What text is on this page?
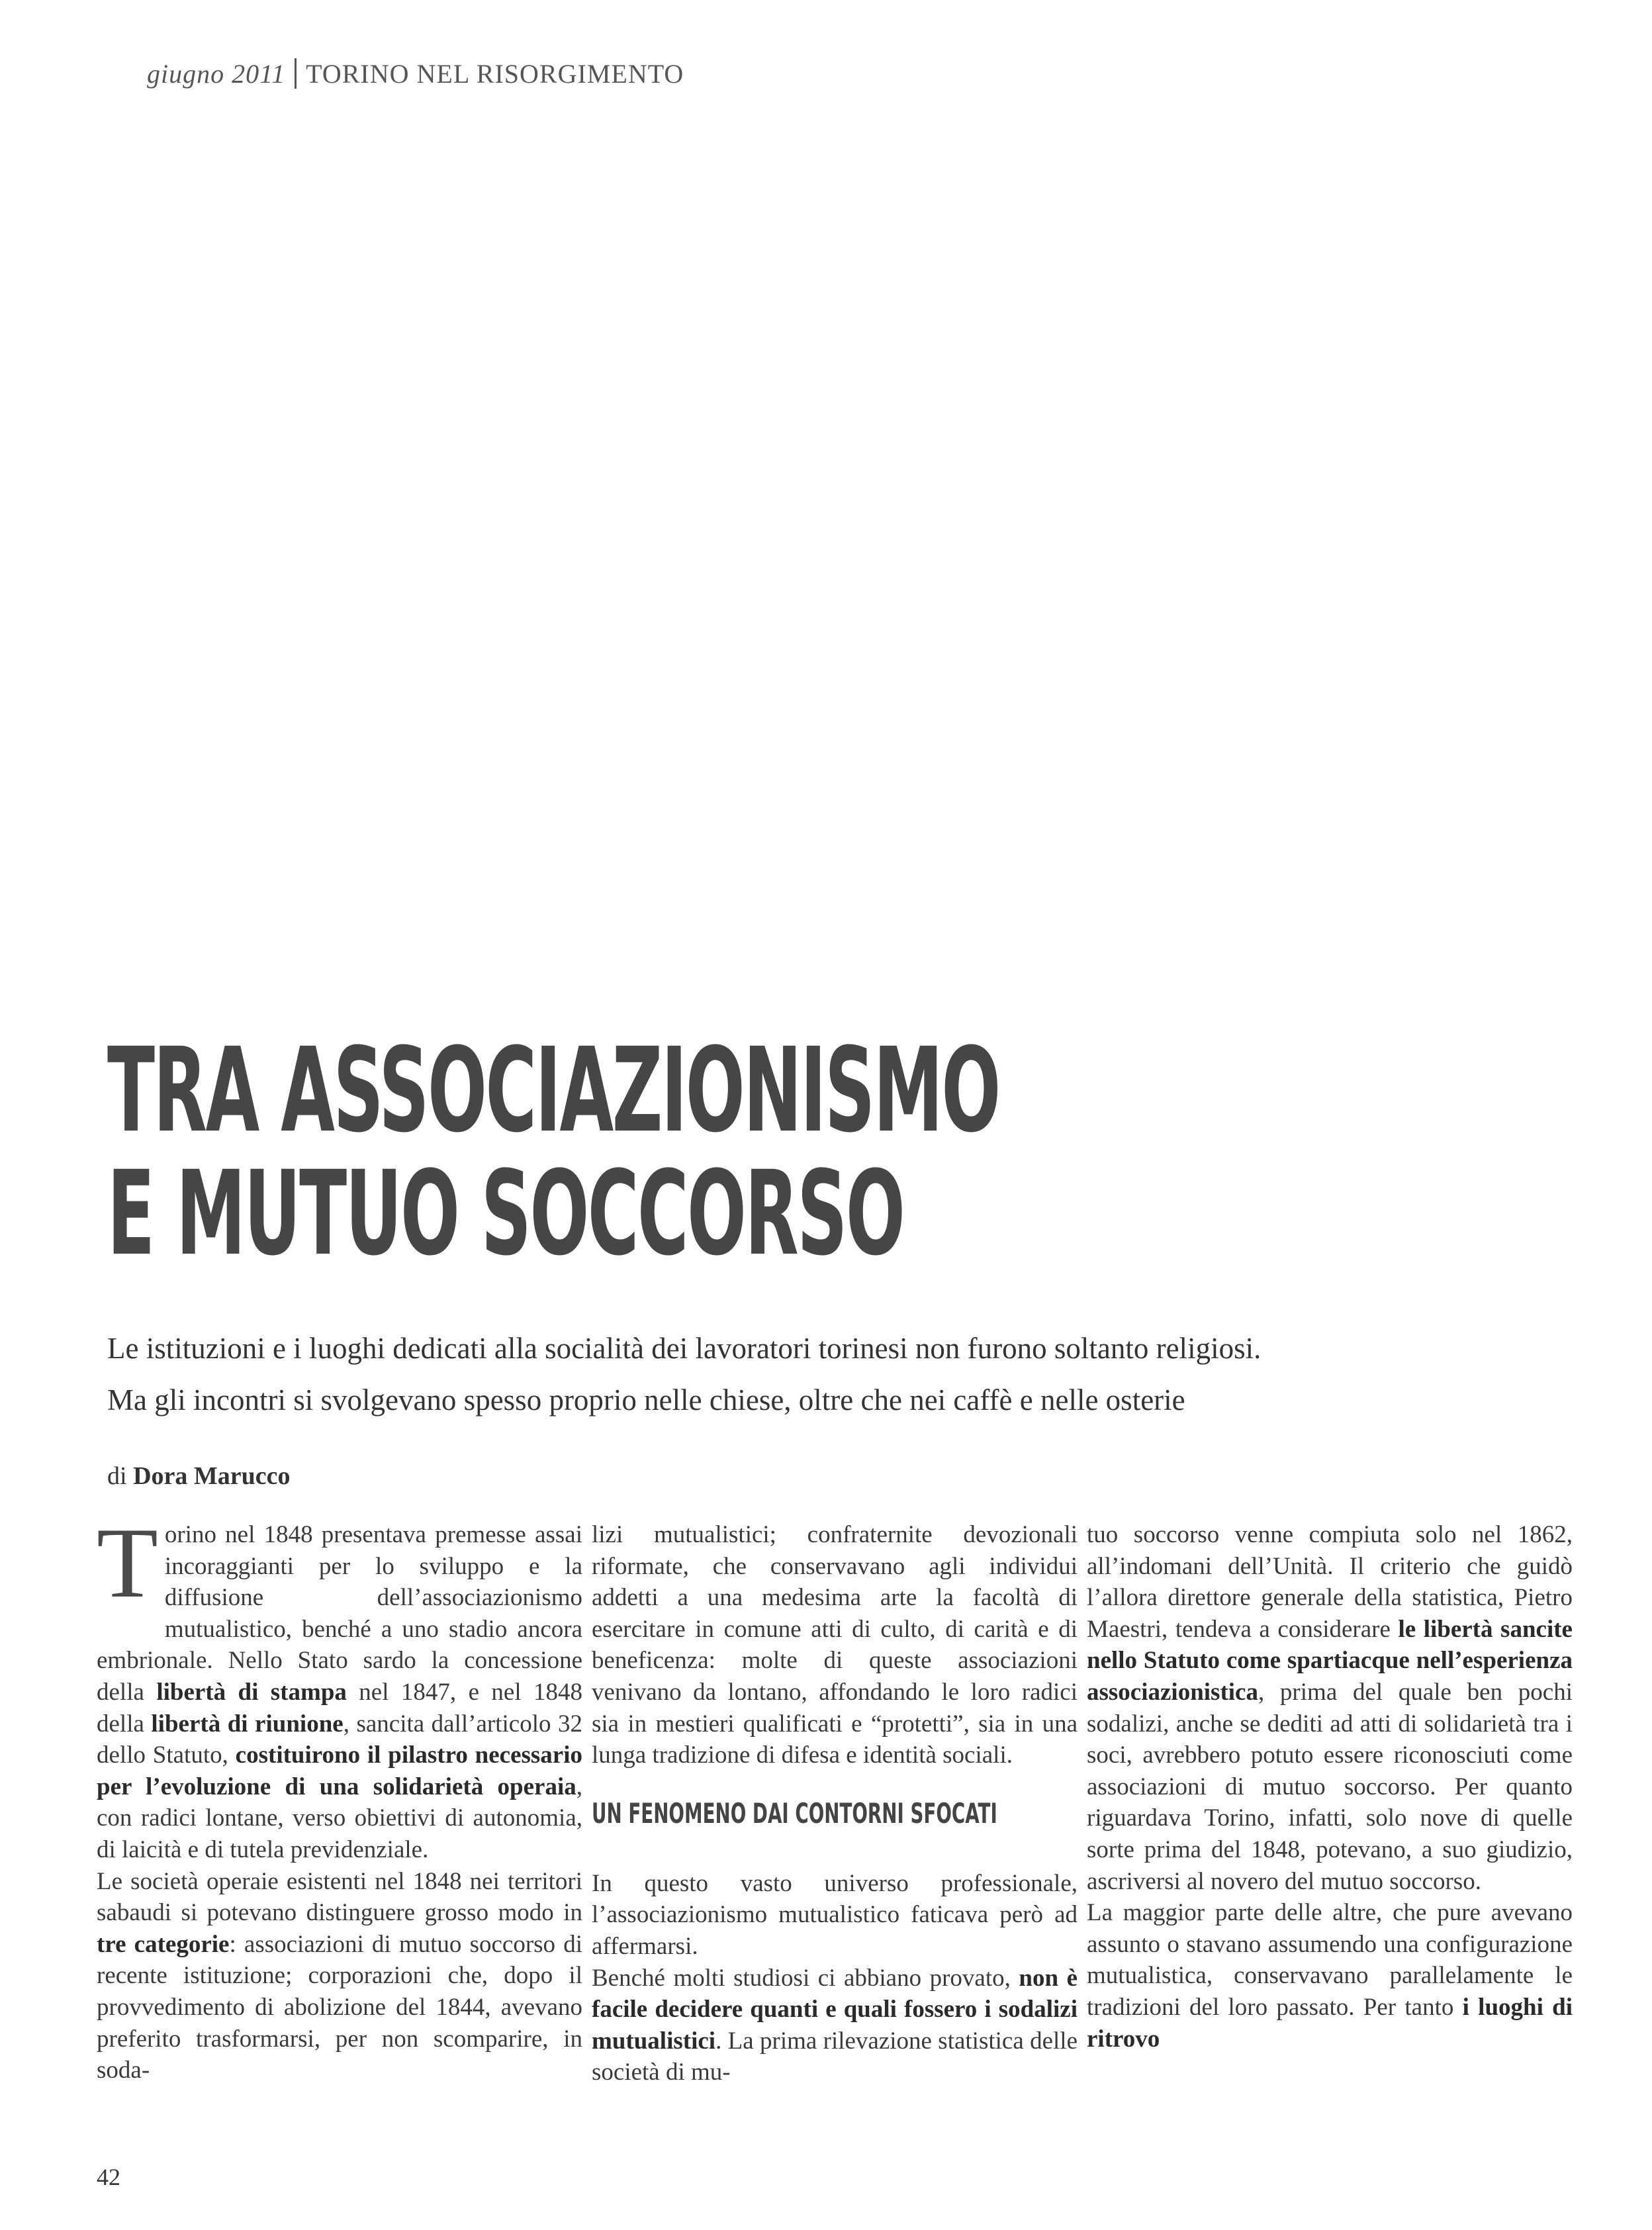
giugno 2011 TORINO NEL RISORGIMENTO
TRA ASSOCIAZIONISMO
E MUTUO SOCCORSO
Le istituzioni e i luoghi dedicati alla socialità dei lavoratori torinesi non furono soltanto religiosi.
Ma gli incontri si svolgevano spesso proprio nelle chiese, oltre che nei caffè e nelle osterie
di Dora Marucco

Torino nel 1848 presentava premesse assai incoraggianti per lo sviluppo e la diffusione dell’associazionismo mutualistico, benché a uno stadio ancora embrionale. Nello Stato sardo la concessione della libertà di stampa nel 1847, e nel 1848 della libertà di riunione, sancita dall’articolo 32 dello Statuto, costituirono il pilastro necessario per l’evoluzione di una solidarietà operaia, con radici lontane, verso obiettivi di autonomia, di laicità e di tutela previdenziale.

Le società operaie esistenti nel 1848 nei territori sabaudi si potevano distinguere grosso modo in tre categorie: associazioni di mutuo soccorso di recente istituzione; corporazioni che, dopo il provvedimento di abolizione del 1844, avevano preferito trasformarsi, per non scomparire, in soda-

lizi mutualistici; confraternite devozionali riformate, che conservavano agli individui addetti a una medesima arte la facoltà di esercitare in comune atti di culto, di carità e di beneficenza: molte di queste associazioni venivano da lontano, affondando le loro radici sia in mestieri qualificati e “protetti”, sia in una lunga tradizione di difesa e identità sociali.

UN FENOMENO DAI CONTORNI SFOCATI

In questo vasto universo professionale, l’associazionismo mutualistico faticava però ad affermarsi.

Benché molti studiosi ci abbiano provato, non è facile decidere quanti e quali fossero i sodalizi mutualistici. La prima rilevazione statistica delle società di mu-

tuo soccorso venne compiuta solo nel 1862, all’indomani dell’Unità. Il criterio che guidò l’allora direttore generale della statistica, Pietro Maestri, tendeva a considerare le libertà sancite nello Statuto come spartiacque nell’esperienza associazionistica, prima del quale ben pochi sodalizi, anche se dediti ad atti di solidarietà tra i soci, avrebbero potuto essere riconosciuti come associazioni di mutuo soccorso. Per quanto riguardava Torino, infatti, solo nove di quelle sorte prima del 1848, potevano, a suo giudizio, ascriversi al novero del mutuo soccorso.

La maggior parte delle altre, che pure avevano assunto o stavano assumendo una configurazione mutualistica, conservavano parallelamente le tradizioni del loro passato. Per tanto i luoghi di ritrovo

42
